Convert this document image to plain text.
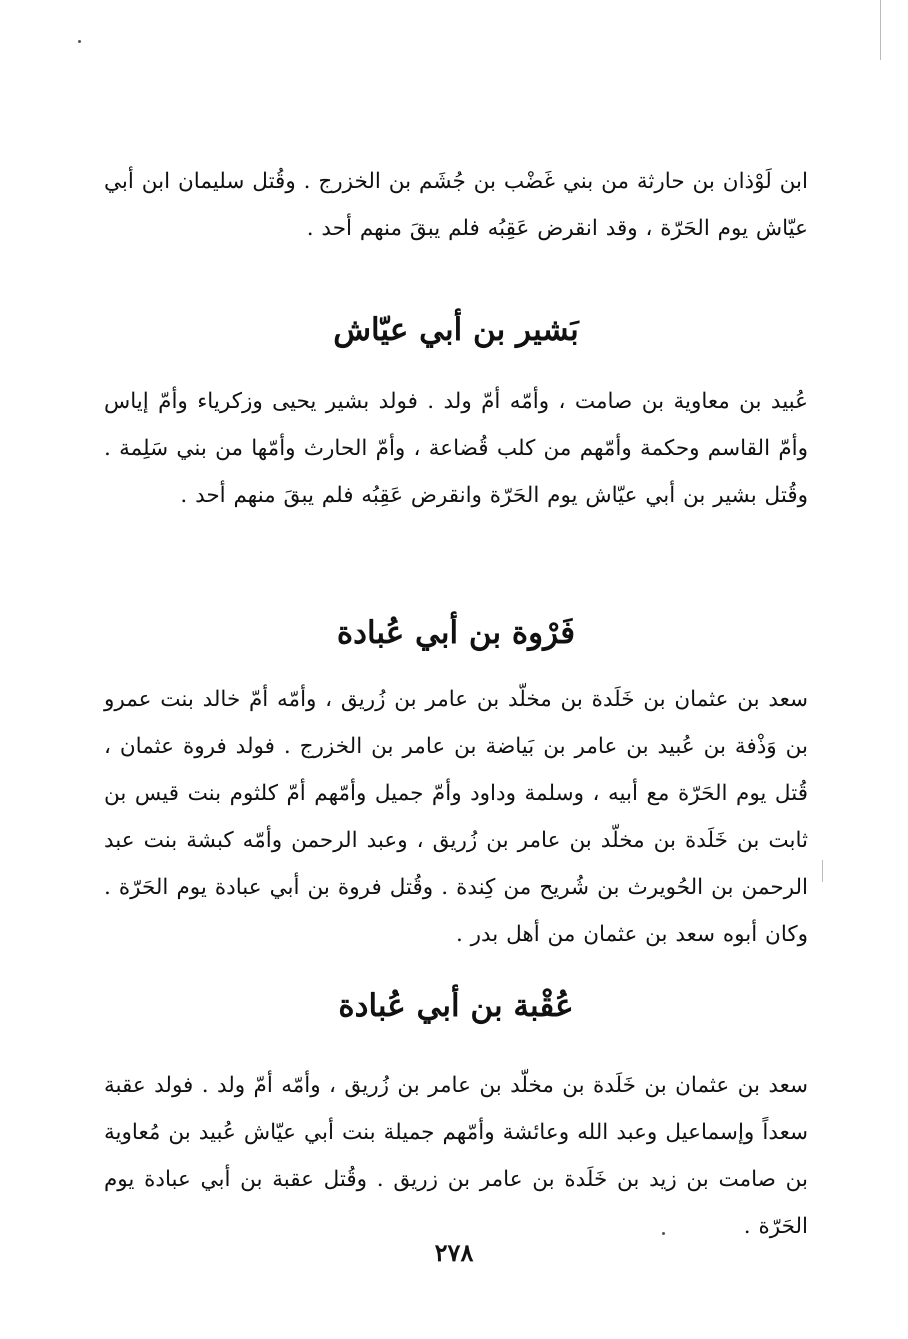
ابن لَوْذان بن حارثة من بني غَضْب بن جُشَم بن الخزرج . وقُتل سليمان ابن أبي عيّاش يوم الحَرّة ، وقد انقرض عَقِبُه فلم يبقَ منهم أحد .

بَشير بن أبي عيّاش

عُبيد بن معاوية بن صامت ، وأمّه أمّ ولد . فولد بشير يحيى وزكرياء وأمّ إياس وأمّ القاسم وحكمة وأمّهم من كلب قُضاعة ، وأمّ الحارث وأمّها من بني سَلِمة . وقُتل بشير بن أبي عيّاش يوم الحَرّة وانقرض عَقِبُه فلم يبقَ منهم أحد .

فَرْوة بن أبي عُبادة

سعد بن عثمان بن خَلَدة بن مخلّد بن عامر بن زُريق ، وأمّه أمّ خالد بنت عمرو بن وَذْفة بن عُبيد بن عامر بن بَياضة بن عامر بن الخزرج . فولد فروة عثمان ، قُتل يوم الحَرّة مع أبيه ، وسلمة وداود وأمّ جميل وأمّهم أمّ كلثوم بنت قيس بن ثابت بن خَلَدة بن مخلّد بن عامر بن زُريق ، وعبد الرحمن وأمّه كبشة بنت عبد الرحمن بن الحُويرث بن شُريح من كِندة . وقُتل فروة بن أبي عبادة يوم الحَرّة . وكان أبوه سعد بن عثمان من أهل بدر .

عُقْبة بن أبي عُبادة

سعد بن عثمان بن خَلَدة بن مخلّد بن عامر بن زُريق ، وأمّه أمّ ولد . فولد عقبة سعداً وإسماعيل وعبد الله وعائشة وأمّهم جميلة بنت أبي عيّاش عُبيد بن مُعاوية بن صامت بن زيد بن خَلَدة بن عامر بن زريق . وقُتل عقبة بن أبي عبادة يوم الحَرّة .

٢٧٨
